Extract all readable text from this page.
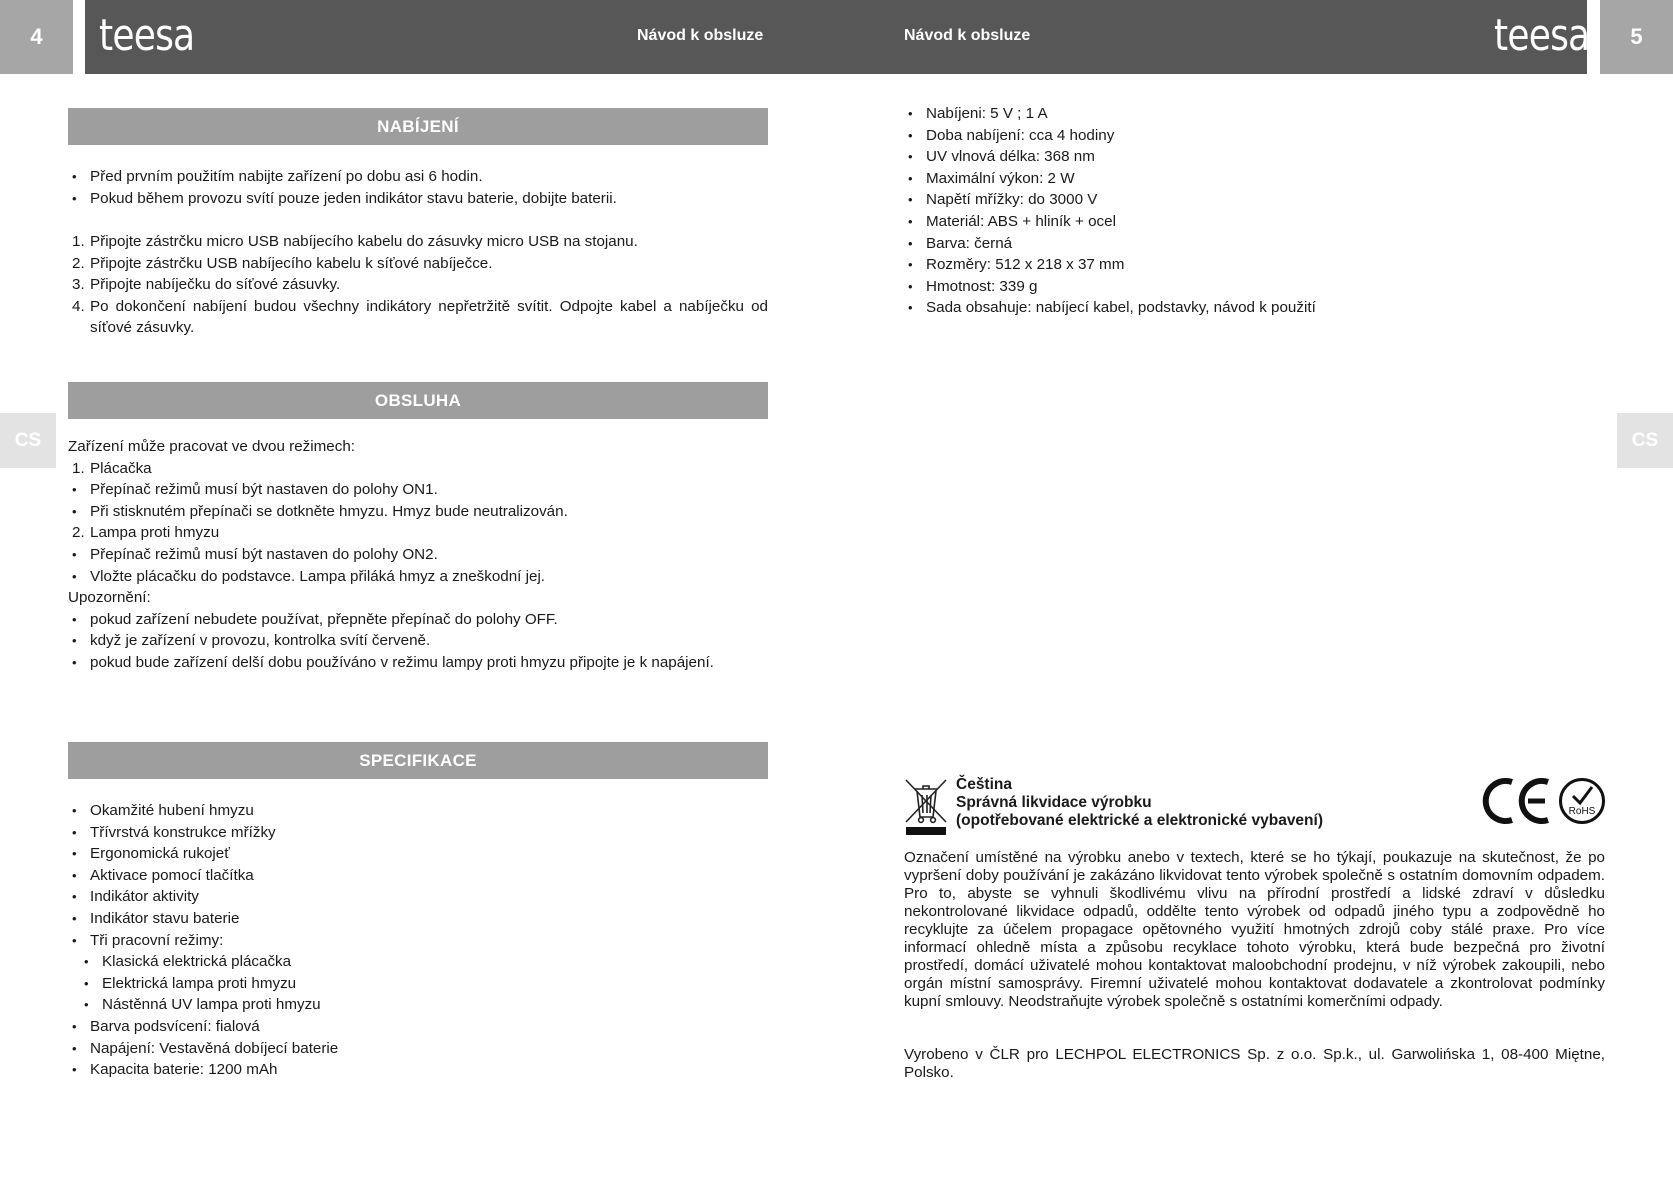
4	teesa	Návod k obsluze	Návod k obsluze	teesa	5
CS	CS
NABÍJENÍ
• Před prvním použitím nabijte zařízení po dobu asi 6 hodin.
• Pokud během provozu svítí pouze jeden indikátor stavu baterie, dobijte baterii.
1. Připojte zástrčku micro USB nabíjecího kabelu do zásuvky micro USB na stojanu.
2. Připojte zástrčku USB nabíjecího kabelu k síťové nabíječce.
3. Připojte nabíječku do síťové zásuvky.
4. Po dokončení nabíjení budou všechny indikátory nepřetržitě svítit. Odpojte kabel a nabíječku od síťové zásuvky.
OBSLUHA
Zařízení může pracovat ve dvou režimech:
1. Plácačka
• Přepínač režimů musí být nastaven do polohy ON1.
• Při stisknutém přepínači se dotkněte hmyzu. Hmyz bude neutralizován.
2. Lampa proti hmyzu
• Přepínač režimů musí být nastaven do polohy ON2.
• Vložte plácačku do podstavce. Lampa přiláká hmyz a zneškodní jej.
Upozornění:
• pokud zařízení nebudete používat, přepněte přepínač do polohy OFF.
• když je zařízení v provozu, kontrolka svítí červeně.
• pokud bude zařízení delší dobu používáno v režimu lampy proti hmyzu připojte je k napájení.
SPECIFIKACE
• Okamžité hubení hmyzu
• Třívrstvá konstrukce mřížky
• Ergonomická rukojeť
• Aktivace pomocí tlačítka
• Indikátor aktivity
• Indikátor stavu baterie
• Tři pracovní režimy:
• Klasická elektrická plácačka
• Elektrická lampa proti hmyzu
• Nástěnná UV lampa proti hmyzu
• Barva podsvícení: fialová
• Napájení: Vestavěná dobíjecí baterie
• Kapacita baterie: 1200 mAh
• Nabíjeni: 5 V ; 1 A
• Doba nabíjení: cca 4 hodiny
• UV vlnová délka: 368 nm
• Maximální výkon: 2 W
• Napětí mřížky: do 3000 V
• Materiál: ABS + hliník + ocel
• Barva: černá
• Rozměry: 512 x 218 x 37 mm
• Hmotnost: 339 g
• Sada obsahuje: nabíjecí kabel, podstavky, návod k použití
Čeština
Správná likvidace výrobku
(opotřebované elektrické a elektronické vybavení)
RoHS
Označení umístěné na výrobku anebo v textech, které se ho týkají, poukazuje na skutečnost, že po vypršení doby používání je zakázáno likvidovat tento výrobek společně s ostatním domovním odpadem. Pro to, abyste se vyhnuli škodlivému vlivu na přírodní prostředí a lidské zdraví v důsledku nekontrolované likvidace odpadů, oddělte tento výrobek od odpadů jiného typu a zodpovědně ho recyklujte za účelem propagace opětovného využití hmotných zdrojů coby stálé praxe. Pro více informací ohledně místa a způsobu recyklace tohoto výrobku, která bude bezpečná pro životní prostředí, domácí uživatelé mohou kontaktovat maloobchodní prodejnu, v níž výrobek zakoupili, nebo orgán místní samosprávy. Firemní uživatelé mohou kontaktovat dodavatele a zkontrolovat podmínky kupní smlouvy. Neodstraňujte výrobek společně s ostatními komerčními odpady.
Vyrobeno v ČLR pro LECHPOL ELECTRONICS Sp. z o.o. Sp.k., ul. Garwolińska 1, 08-400 Miętne, Polsko.
